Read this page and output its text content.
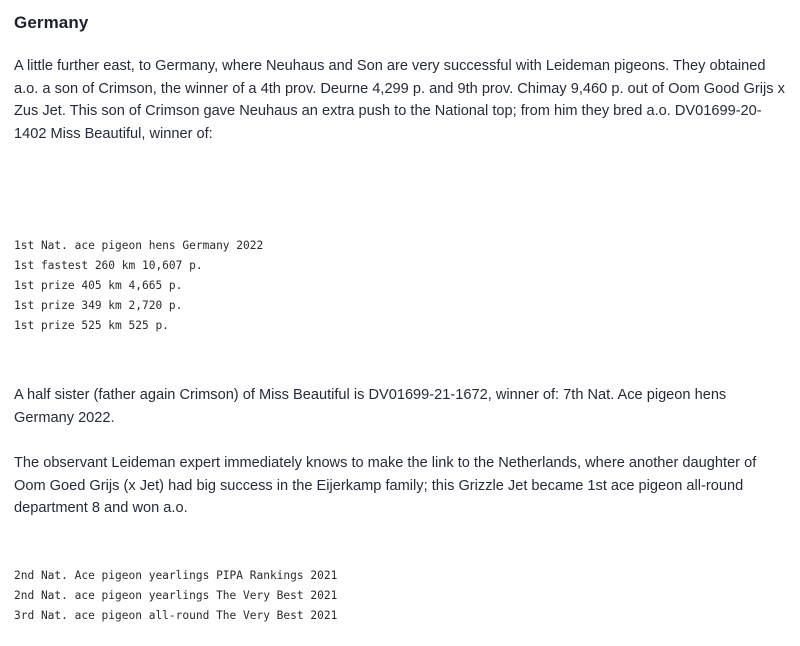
Germany

A little further east, to Germany, where Neuhaus and Son are very successful with Leideman pigeons. They obtained a.o. a son of Crimson, the winner of a 4th prov. Deurne 4,299 p. and 9th prov. Chimay 9,460 p. out of Oom Good Grijs x Zus Jet. This son of Crimson gave Neuhaus an extra push to the National top; from him they bred a.o. DV01699-20-1402 Miss Beautiful, winner of:

1st Nat. ace pigeon hens Germany 2022
1st fastest 260 km 10,607 p.
1st prize 405 km 4,665 p.
1st prize 349 km 2,720 p.
1st prize 525 km 525 p.

A half sister (father again Crimson) of Miss Beautiful is DV01699-21-1672, winner of: 7th Nat. Ace pigeon hens Germany 2022.

The observant Leideman expert immediately knows to make the link to the Netherlands, where another daughter of Oom Goed Grijs (x Jet) had big success in the Eijerkamp family; this Grizzle Jet became 1st ace pigeon all-round department 8 and won a.o.

2nd Nat. Ace pigeon yearlings PIPA Rankings 2021
2nd Nat. ace pigeon yearlings The Very Best 2021
3rd Nat. ace pigeon all-round The Very Best 2021
